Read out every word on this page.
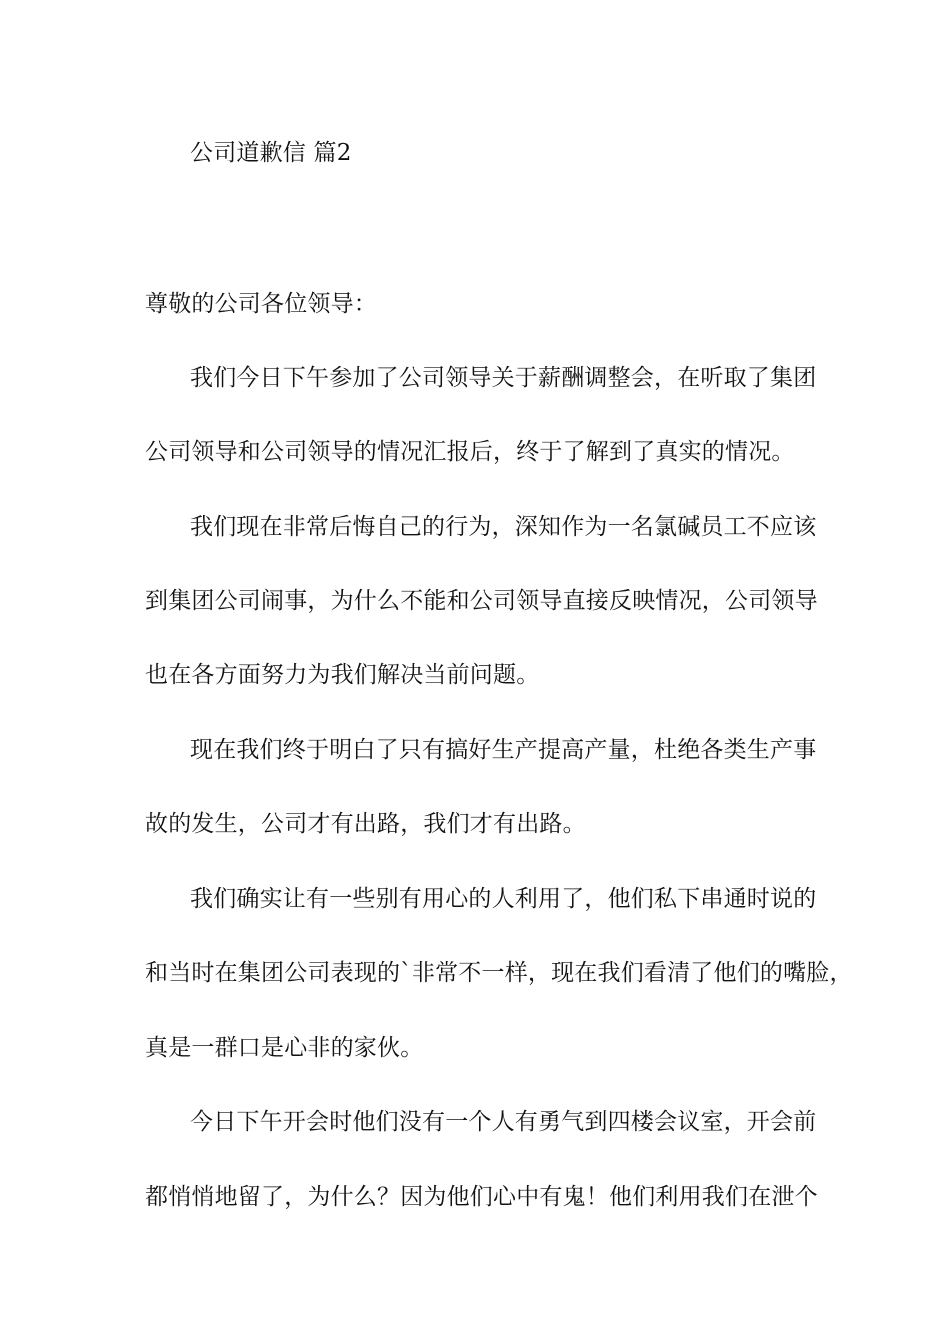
公司道歉信 篇2
尊敬的公司各位领导：
我们今日下午参加了公司领导关于薪酬调整会，在听取了集团
公司领导和公司领导的情况汇报后，终于了解到了真实的情况。
我们现在非常后悔自己的行为，深知作为一名氯碱员工不应该
到集团公司闹事，为什么不能和公司领导直接反映情况，公司领导
也在各方面努力为我们解决当前问题。
现在我们终于明白了只有搞好生产提高产量，杜绝各类生产事
故的发生，公司才有出路，我们才有出路。
我们确实让有一些别有用心的人利用了，他们私下串通时说的
和当时在集团公司表现的`非常不一样，现在我们看清了他们的嘴脸，
真是一群口是心非的家伙。
今日下午开会时他们没有一个人有勇气到四楼会议室，开会前
都悄悄地留了，为什么？因为他们心中有鬼！他们利用我们在泄个
